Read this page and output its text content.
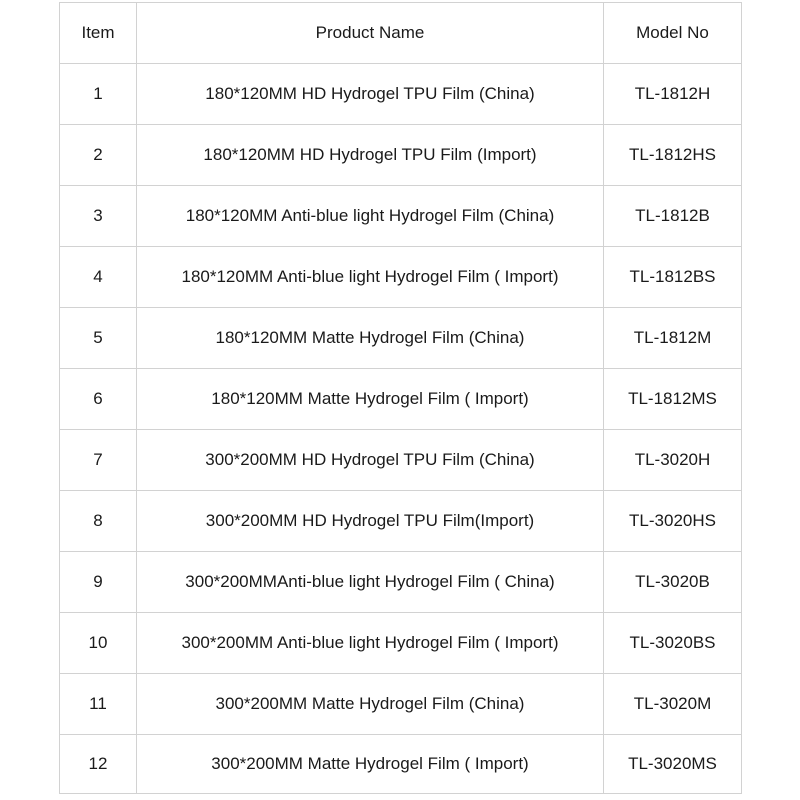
Item	Product Name	Model No
1	180*120MM HD Hydrogel TPU Film (China)	TL-1812H
2	180*120MM HD Hydrogel TPU Film (Import)	TL-1812HS
3	180*120MM Anti-blue light Hydrogel Film (China)	TL-1812B
4	180*120MM Anti-blue light Hydrogel Film ( Import)	TL-1812BS
5	180*120MM Matte Hydrogel Film (China)	TL-1812M
6	180*120MM Matte Hydrogel Film ( Import)	TL-1812MS
7	300*200MM HD Hydrogel TPU Film (China)	TL-3020H
8	300*200MM HD Hydrogel TPU Film(Import)	TL-3020HS
9	300*200MMAnti-blue light Hydrogel Film ( China)	TL-3020B
10	300*200MM Anti-blue light Hydrogel Film ( Import)	TL-3020BS
11	300*200MM Matte Hydrogel Film (China)	TL-3020M
12	300*200MM Matte Hydrogel Film ( Import)	TL-3020MS
